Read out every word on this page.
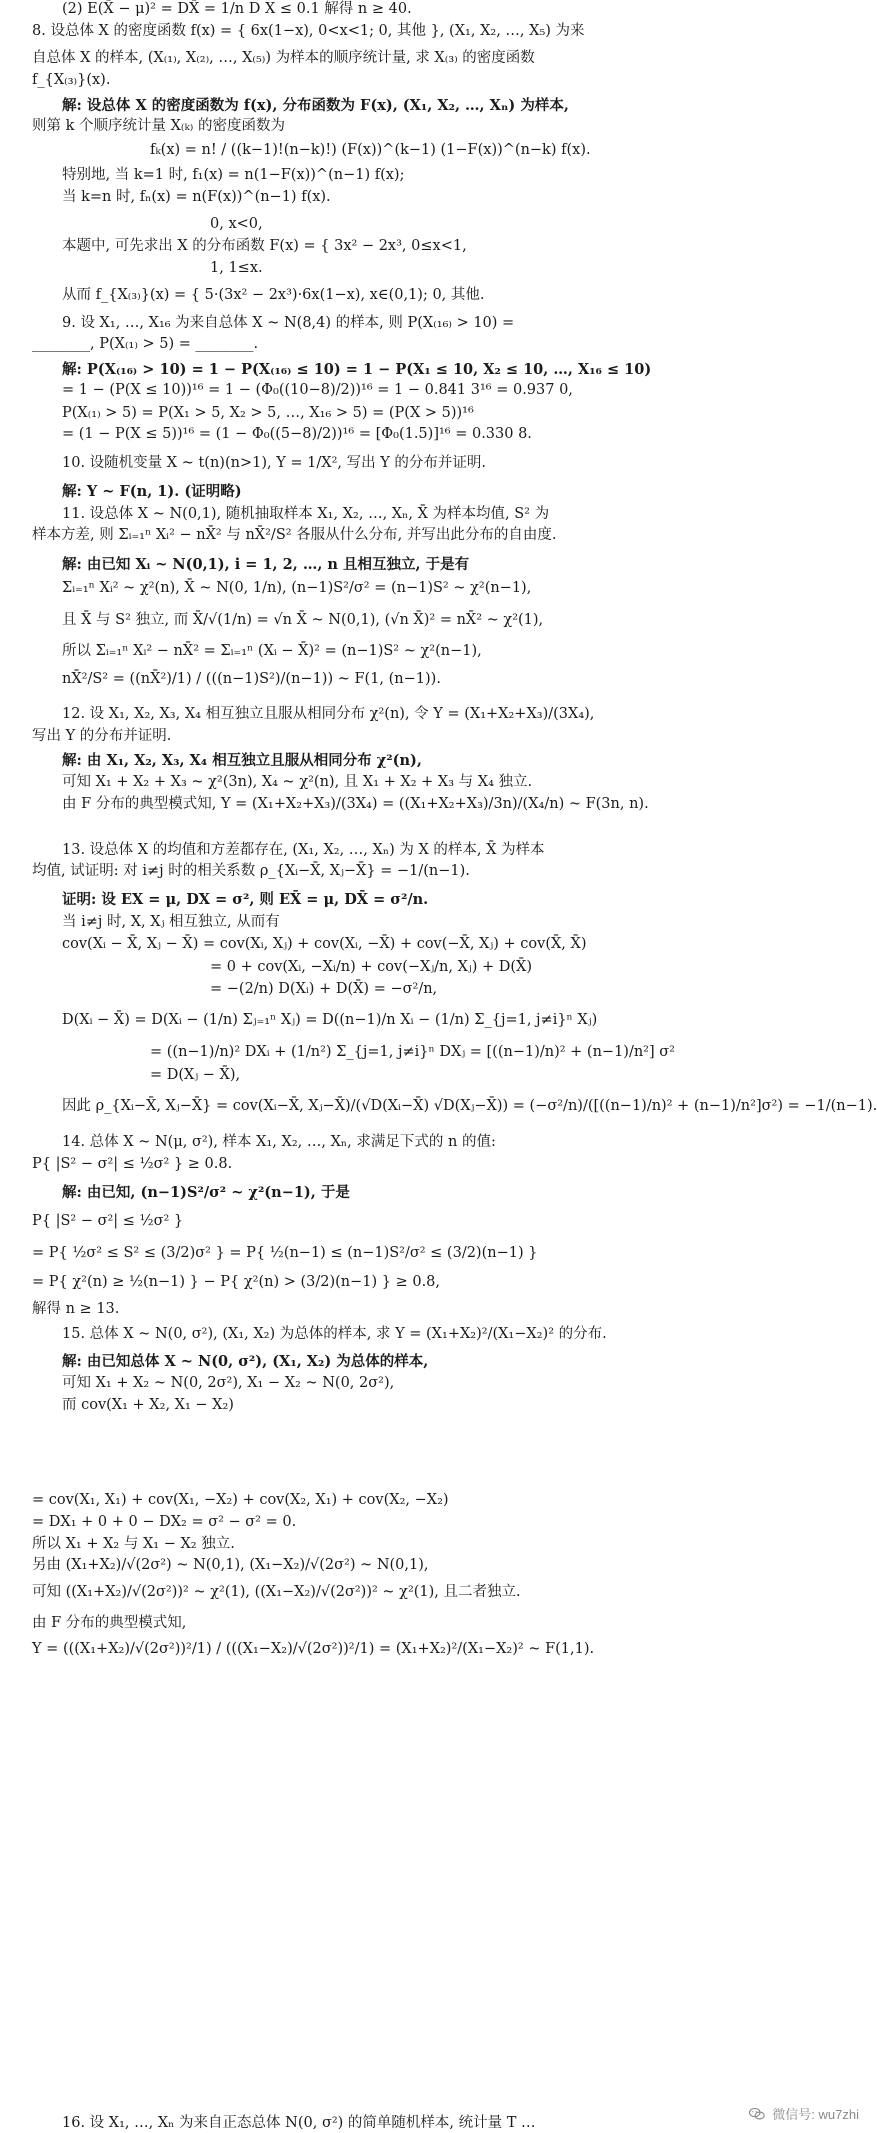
(2) E(X̄ − μ)² = DX̄ = 1/n D X ≤ 0.1 解得 n ≥ 40.
8. 设总体 X 的密度函数 f(x) = { 6x(1−x), 0<x<1; 0, 其他 }, (X₁, X₂, …, X₅) 为来
自总体 X 的样本, (X₍₁₎, X₍₂₎, …, X₍₅₎) 为样本的顺序统计量, 求 X₍₃₎ 的密度函数
f_{X₍₃₎}(x).
解: 设总体 X 的密度函数为 f(x), 分布函数为 F(x), (X₁, X₂, …, Xₙ) 为样本,
则第 k 个顺序统计量 X₍ₖ₎ 的密度函数为
fₖ(x) = n! / ((k−1)!(n−k)!) (F(x))^(k−1) (1−F(x))^(n−k) f(x).
特别地, 当 k=1 时, f₁(x) = n(1−F(x))^(n−1) f(x);
当 k=n 时, fₙ(x) = n(F(x))^(n−1) f(x).
0, x<0,
本题中, 可先求出 X 的分布函数 F(x) = { 3x² − 2x³, 0≤x<1,
1, 1≤x.
从而 f_{X₍₃₎}(x) = { 5·(3x² − 2x³)·6x(1−x), x∈(0,1); 0, 其他.
9. 设 X₁, …, X₁₆ 为来自总体 X ~ N(8,4) 的样本, 则 P(X₍₁₆₎ > 10) =
________, P(X₍₁₎ > 5) = ________.
解: P(X₍₁₆₎ > 10) = 1 − P(X₍₁₆₎ ≤ 10) = 1 − P(X₁ ≤ 10, X₂ ≤ 10, …, X₁₆ ≤ 10)
= 1 − (P(X ≤ 10))¹⁶ = 1 − (Φ₀((10−8)/2))¹⁶ = 1 − 0.841 3¹⁶ = 0.937 0,
P(X₍₁₎ > 5) = P(X₁ > 5, X₂ > 5, …, X₁₆ > 5) = (P(X > 5))¹⁶
= (1 − P(X ≤ 5))¹⁶ = (1 − Φ₀((5−8)/2))¹⁶ = [Φ₀(1.5)]¹⁶ = 0.330 8.
10. 设随机变量 X ~ t(n)(n>1), Y = 1/X², 写出 Y 的分布并证明.
解: Y ~ F(n, 1). (证明略)
11. 设总体 X ~ N(0,1), 随机抽取样本 X₁, X₂, …, Xₙ, X̄ 为样本均值, S² 为
样本方差, 则 Σᵢ₌₁ⁿ Xᵢ² − nX̄² 与 nX̄²/S² 各服从什么分布, 并写出此分布的自由度.
解: 由已知 Xᵢ ~ N(0,1), i = 1, 2, …, n 且相互独立, 于是有
Σᵢ₌₁ⁿ Xᵢ² ~ χ²(n), X̄ ~ N(0, 1/n), (n−1)S²/σ² = (n−1)S² ~ χ²(n−1),
且 X̄ 与 S² 独立, 而 X̄/√(1/n) = √n X̄ ~ N(0,1), (√n X̄)² = nX̄² ~ χ²(1),
所以 Σᵢ₌₁ⁿ Xᵢ² − nX̄² = Σᵢ₌₁ⁿ (Xᵢ − X̄)² = (n−1)S² ~ χ²(n−1),
nX̄²/S² = ((nX̄²)/1) / (((n−1)S²)/(n−1)) ~ F(1, (n−1)).
12. 设 X₁, X₂, X₃, X₄ 相互独立且服从相同分布 χ²(n), 令 Y = (X₁+X₂+X₃)/(3X₄),
写出 Y 的分布并证明.
解: 由 X₁, X₂, X₃, X₄ 相互独立且服从相同分布 χ²(n),
可知 X₁ + X₂ + X₃ ~ χ²(3n), X₄ ~ χ²(n), 且 X₁ + X₂ + X₃ 与 X₄ 独立.
由 F 分布的典型模式知, Y = (X₁+X₂+X₃)/(3X₄) = ((X₁+X₂+X₃)/3n)/(X₄/n) ~ F(3n, n).
13. 设总体 X 的均值和方差都存在, (X₁, X₂, …, Xₙ) 为 X 的样本, X̄ 为样本
均值, 试证明: 对 i≠j 时的相关系数 ρ_{Xᵢ−X̄, Xⱼ−X̄} = −1/(n−1).
证明: 设 EX = μ, DX = σ², 则 EX̄ = μ, DX̄ = σ²/n.
当 i≠j 时, X, Xⱼ 相互独立, 从而有
cov(Xᵢ − X̄, Xⱼ − X̄) = cov(Xᵢ, Xⱼ) + cov(Xᵢ, −X̄) + cov(−X̄, Xⱼ) + cov(X̄, X̄)
= 0 + cov(Xᵢ, −Xᵢ/n) + cov(−Xⱼ/n, Xⱼ) + D(X̄)
= −(2/n) D(Xᵢ) + D(X̄) = −σ²/n,
D(Xᵢ − X̄) = D(Xᵢ − (1/n) Σⱼ₌₁ⁿ Xⱼ) = D((n−1)/n Xᵢ − (1/n) Σ_{j=1, j≠i}ⁿ Xⱼ)
= ((n−1)/n)² DXᵢ + (1/n²) Σ_{j=1, j≠i}ⁿ DXⱼ = [((n−1)/n)² + (n−1)/n²] σ²
= D(Xⱼ − X̄),
因此 ρ_{Xᵢ−X̄, Xⱼ−X̄} = cov(Xᵢ−X̄, Xⱼ−X̄)/(√D(Xᵢ−X̄) √D(Xⱼ−X̄)) = (−σ²/n)/([((n−1)/n)² + (n−1)/n²]σ²) = −1/(n−1).
14. 总体 X ~ N(μ, σ²), 样本 X₁, X₂, …, Xₙ, 求满足下式的 n 的值:
P{ |S² − σ²| ≤ ½σ² } ≥ 0.8.
解: 由已知, (n−1)S²/σ² ~ χ²(n−1), 于是
P{ |S² − σ²| ≤ ½σ² }
= P{ ½σ² ≤ S² ≤ (3/2)σ² } = P{ ½(n−1) ≤ (n−1)S²/σ² ≤ (3/2)(n−1) }
= P{ χ²(n) ≥ ½(n−1) } − P{ χ²(n) > (3/2)(n−1) } ≥ 0.8,
解得 n ≥ 13.
15. 总体 X ~ N(0, σ²), (X₁, X₂) 为总体的样本, 求 Y = (X₁+X₂)²/(X₁−X₂)² 的分布.
解: 由已知总体 X ~ N(0, σ²), (X₁, X₂) 为总体的样本,
可知 X₁ + X₂ ~ N(0, 2σ²), X₁ − X₂ ~ N(0, 2σ²),
而 cov(X₁ + X₂, X₁ − X₂)
= cov(X₁, X₁) + cov(X₁, −X₂) + cov(X₂, X₁) + cov(X₂, −X₂)
= DX₁ + 0 + 0 − DX₂ = σ² − σ² = 0.
所以 X₁ + X₂ 与 X₁ − X₂ 独立.
另由 (X₁+X₂)/√(2σ²) ~ N(0,1), (X₁−X₂)/√(2σ²) ~ N(0,1),
可知 ((X₁+X₂)/√(2σ²))² ~ χ²(1), ((X₁−X₂)/√(2σ²))² ~ χ²(1), 且二者独立.
由 F 分布的典型模式知,
Y = (((X₁+X₂)/√(2σ²))²/1) / (((X₁−X₂)/√(2σ²))²/1) = (X₁+X₂)²/(X₁−X₂)² ~ F(1,1).
16. 设 X₁, …, Xₙ 为来自正态总体 N(0, σ²) 的简单随机样本, 统计量 T …
微信号: wu7zhi
